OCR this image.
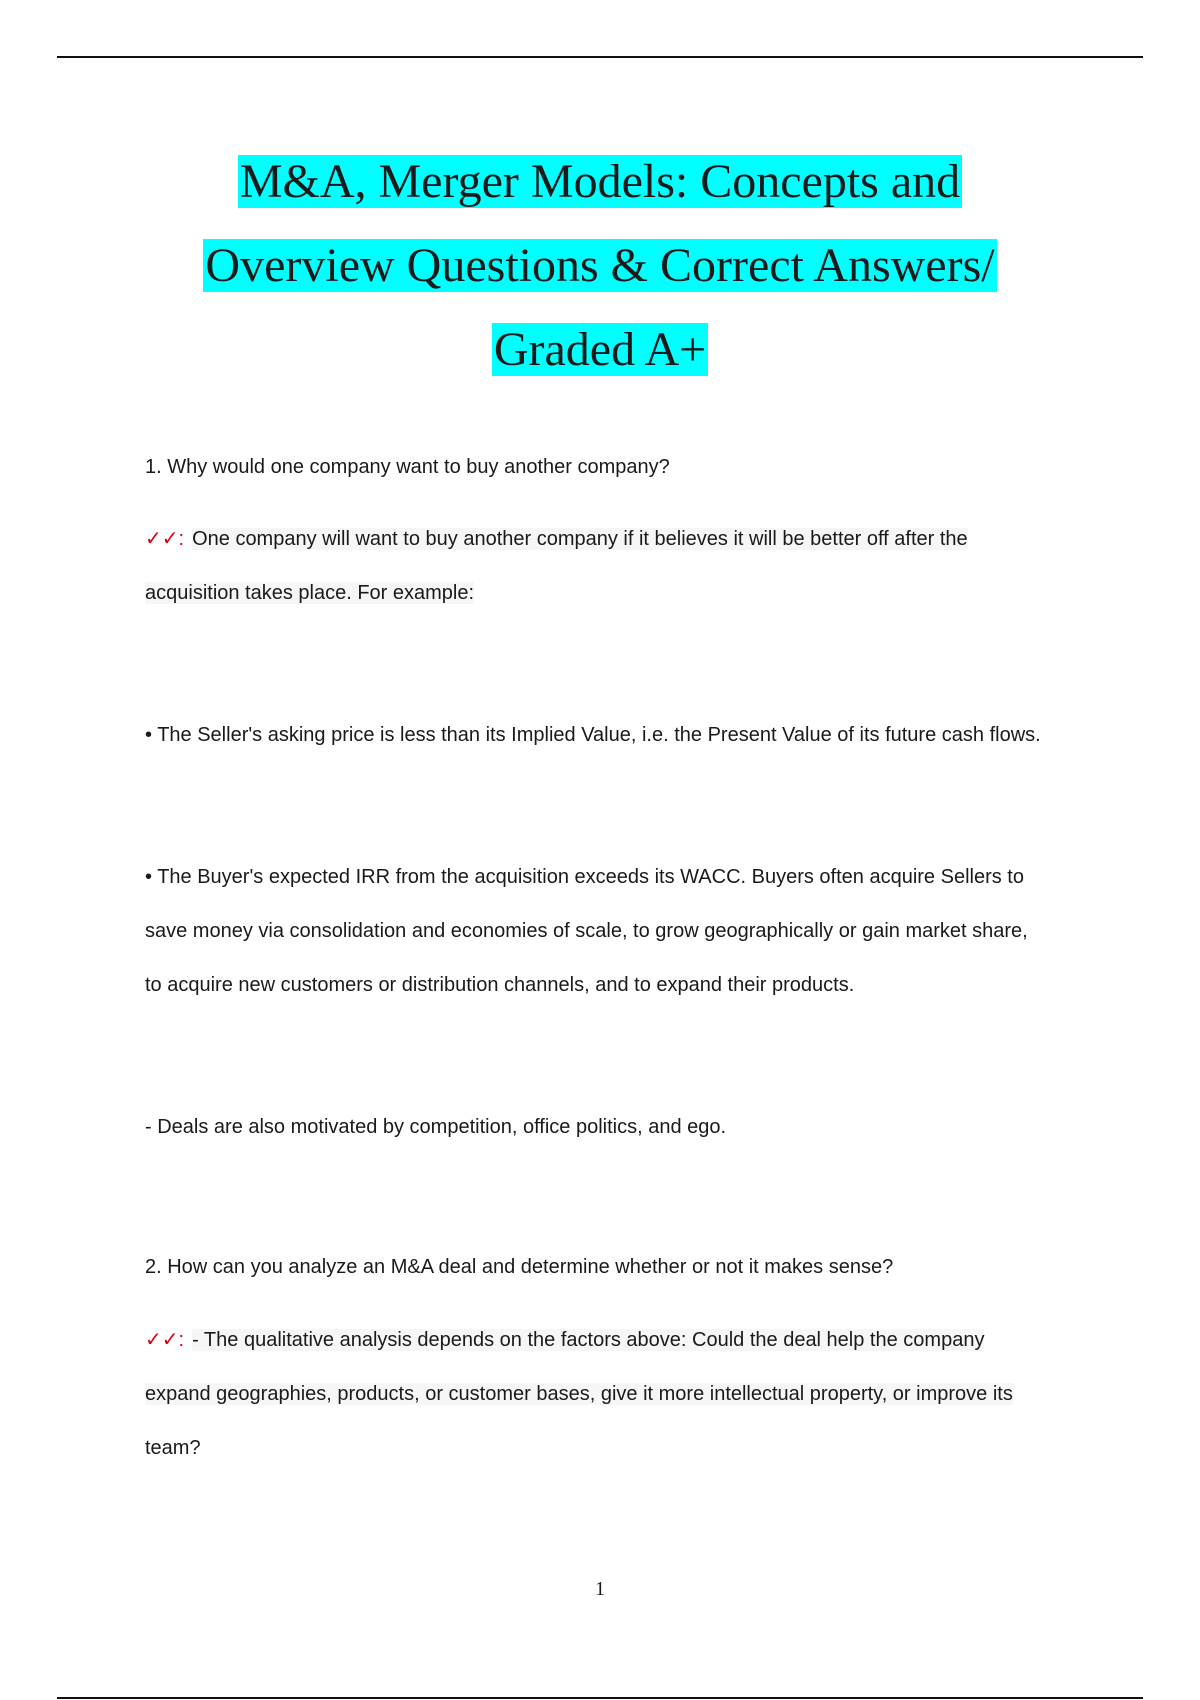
M&A, Merger Models: Concepts and
Overview Questions & Correct Answers/
Graded A+
1. Why would one company want to buy another company?
✓✓: One company will want to buy another company if it believes it will be better off after the
acquisition takes place. For example:
• The Seller's asking price is less than its Implied Value, i.e. the Present Value of its future cash flows.
• The Buyer's expected IRR from the acquisition exceeds its WACC. Buyers often acquire Sellers to
save money via consolidation and economies of scale, to grow geographically or gain market share,
to acquire new customers or distribution channels, and to expand their products.
- Deals are also motivated by competition, office politics, and ego.
2. How can you analyze an M&A deal and determine whether or not it makes sense?
✓✓: - The qualitative analysis depends on the factors above: Could the deal help the company
expand geographies, products, or customer bases, give it more intellectual property, or improve its
team?
1
